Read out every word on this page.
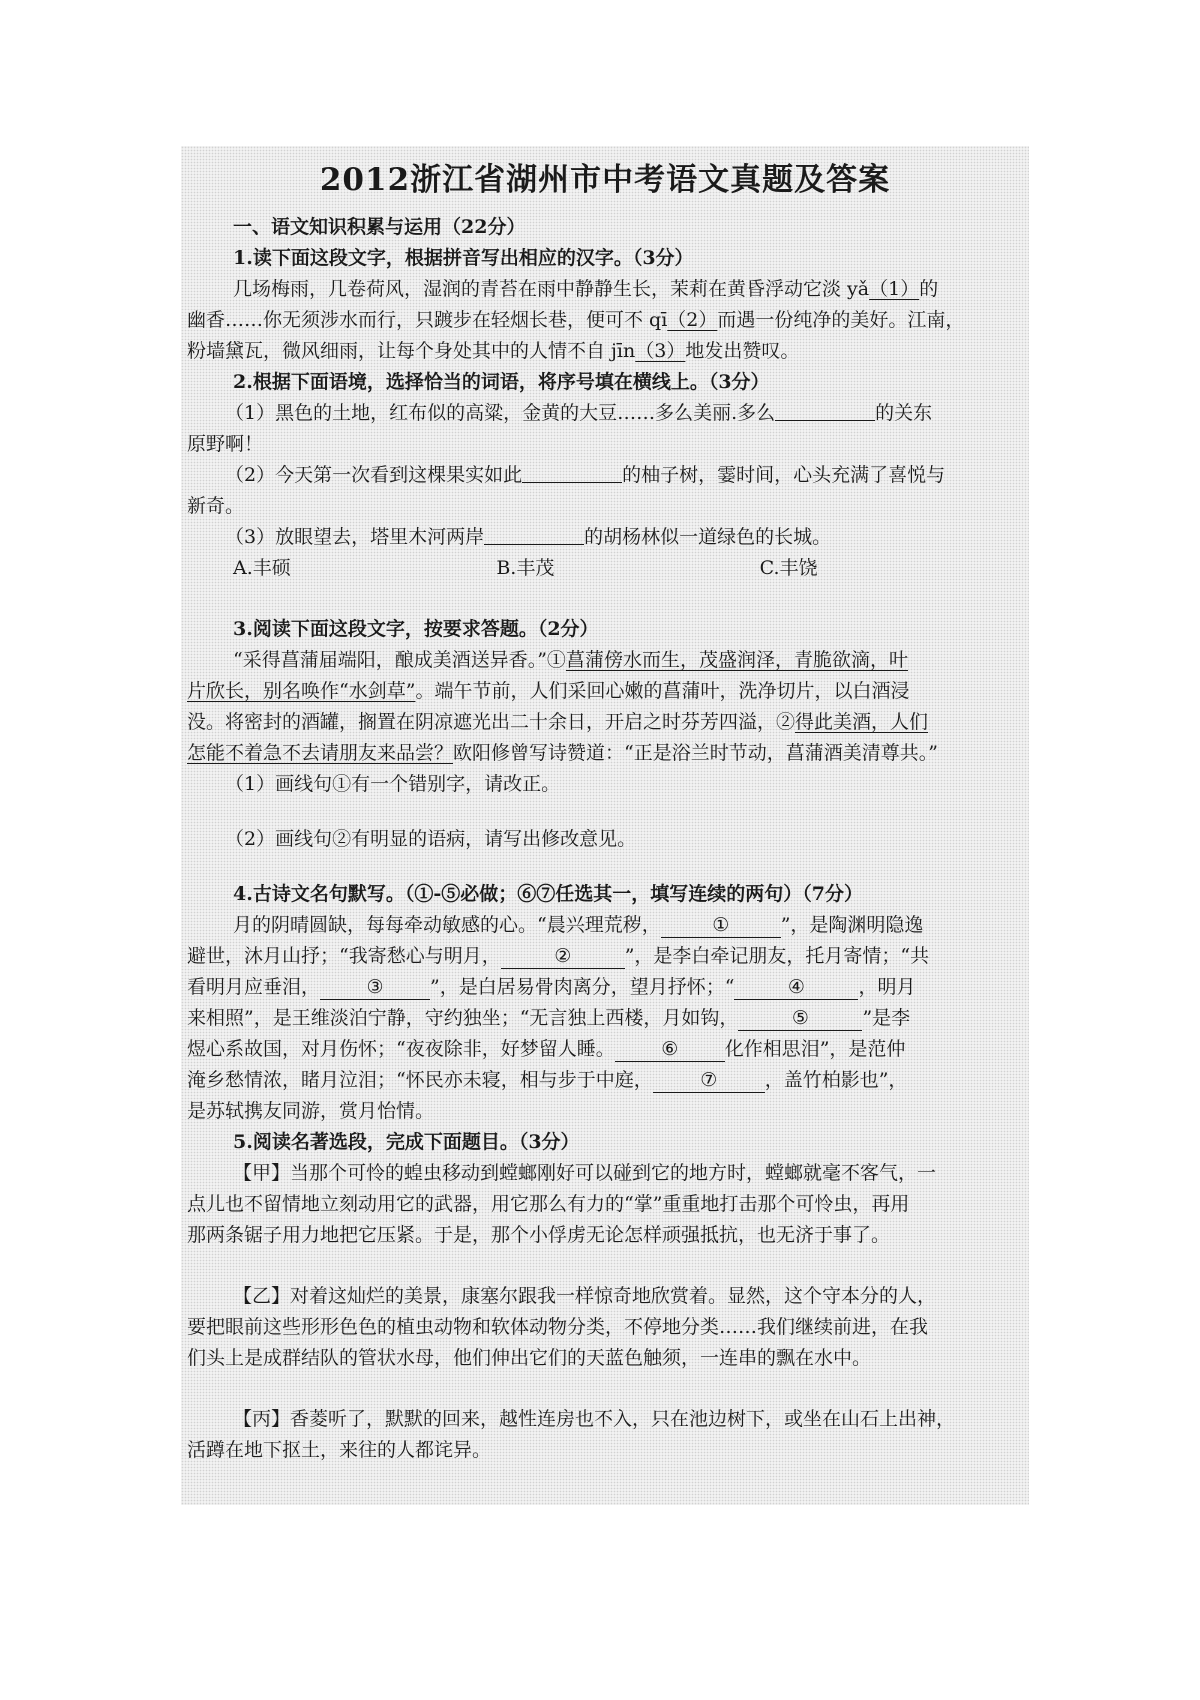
2012浙江省湖州市中考语文真题及答案
一、语文知识积累与运用（22分）
1.读下面这段文字，根据拼音写出相应的汉字。（3分）
几场梅雨，几卷荷风，湿润的青苔在雨中静静生长，茉莉在黄昏浮动它淡 yǎ（1）的
幽香……你无须涉水而行，只踱步在轻烟长巷，便可不 qī（2）而遇一份纯净的美好。江南，
粉墙黛瓦，微风细雨，让每个身处其中的人情不自 jīn（3）地发出赞叹。
2.根据下面语境，选择恰当的词语，将序号填在横线上。（3分）
（1）黑色的土地，红布似的高粱，金黄的大豆……多么美丽.多么	的关东
原野啊！
（2）今天第一次看到这棵果实如此	的柚子树，霎时间，心头充满了喜悦与
新奇。
（3）放眼望去，塔里木河两岸	的胡杨林似一道绿色的长城。
A.丰硕	B.丰茂	C.丰饶
3.阅读下面这段文字，按要求答题。（2分）
“采得菖蒲届端阳，酿成美酒送异香。”①菖蒲傍水而生，茂盛润泽，青脆欲滴，叶
片欣长，别名唤作“水剑草”。端午节前，人们采回心嫩的菖蒲叶，洗净切片，以白酒浸
没。将密封的酒罐，搁置在阴凉遮光出二十余日，开启之时芬芳四溢，②得此美酒，人们
怎能不着急不去请朋友来品尝？欧阳修曾写诗赞道：“正是浴兰时节动，菖蒲酒美清尊共。”
（1）画线句①有一个错别字，请改正。
（2）画线句②有明显的语病，请写出修改意见。
4.古诗文名句默写。（①-⑤必做；⑥⑦任选其一，填写连续的两句）（7分）
月的阴晴圆缺，每每牵动敏感的心。“晨兴理荒秽，	①	”，是陶渊明隐逸
避世，沐月山抒；“我寄愁心与明月，	②	”，是李白牵记朋友，托月寄情；“共
看明月应垂泪， ③ ”，是白居易骨肉离分，望月抒怀；“	④	，明月
来相照”，是王维淡泊宁静，守约独坐；“无言独上西楼，月如钩，	⑤	”是李
煜心系故国，对月伤怀；“夜夜除非，好梦留人睡。 ⑥ 化作相思泪”，是范仲
淹乡愁情浓，睹月泣泪；“怀民亦未寝，相与步于中庭， ⑦ ，盖竹柏影也”，
是苏轼携友同游，赏月怡情。
5.阅读名著选段，完成下面题目。（3分）
【甲】当那个可怜的蝗虫移动到螳螂刚好可以碰到它的地方时，螳螂就毫不客气，一
点儿也不留情地立刻动用它的武器，用它那么有力的“掌”重重地打击那个可怜虫，再用
那两条锯子用力地把它压紧。于是，那个小俘虏无论怎样顽强抵抗，也无济于事了。
【乙】对着这灿烂的美景，康塞尔跟我一样惊奇地欣赏着。显然，这个守本分的人，
要把眼前这些形形色色的植虫动物和软体动物分类，不停地分类……我们继续前进，在我
们头上是成群结队的管状水母，他们伸出它们的天蓝色触须，一连串的飘在水中。
【丙】香菱听了，默默的回来，越性连房也不入，只在池边树下，或坐在山石上出神，
活蹲在地下抠土，来往的人都诧异。
